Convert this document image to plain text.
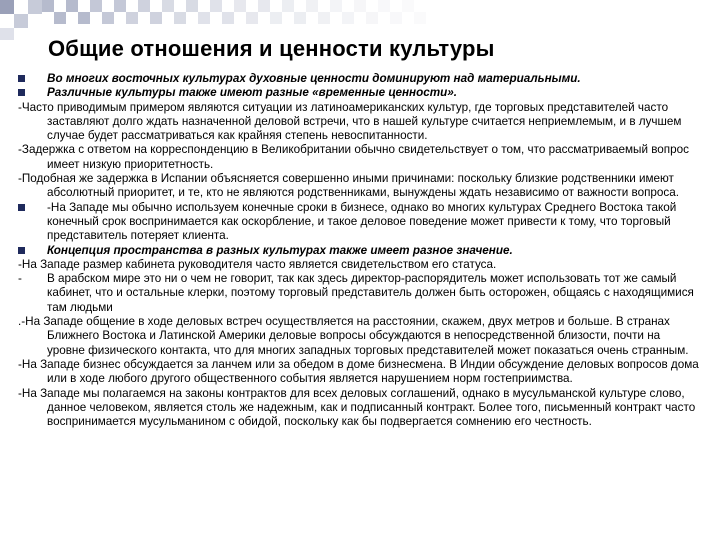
Общие отношения и ценности культуры
Во многих восточных культурах духовные ценности доминируют над материальными.
Различные культуры также имеют разные «временные ценности».
-Часто приводимым примером являются ситуации из латиноамериканских культур, где торговых представителей часто заставляют долго ждать назначенной деловой встречи, что в нашей культуре считается неприемлемым, и в лучшем случае будет рассматриваться как крайняя степень невоспитанности.
-Задержка с ответом на корреспонденцию в Великобритании обычно свидетельствует о том, что рассматриваемый вопрос имеет низкую приоритетность.
-Подобная же задержка в Испании объясняется совершенно иными причинами: поскольку близкие родственники имеют абсолютный приоритет, и те, кто не являются родственниками, вынуждены ждать независимо от важности вопроса.
-На Западе мы обычно используем конечные сроки в бизнесе, однако во многих культурах Среднего Востока такой конечный срок воспринимается как оскорбление, и такое деловое поведение может привести к тому, что торговый представитель потеряет клиента.
Концепция пространства в разных культурах также имеет разное значение.
-На Западе размер кабинета руководителя часто является свидетельством его статуса.
- В арабском мире это ни о чем не говорит, так как здесь директор-распорядитель может использовать тот же самый кабинет, что и остальные клерки, поэтому торговый представитель должен быть осторожен, общаясь с находящимися там людьми
.-На Западе общение в ходе деловых встреч осуществляется на расстоянии, скажем, двух метров и больше. В странах Ближнего Востока и Латинской Америки деловые вопросы обсуждаются в непосредственной близости, почти на уровне физического контакта, что для многих западных торговых представителей может показаться очень странным.
-На Западе бизнес обсуждается за ланчем или за обедом в доме бизнесмена. В Индии обсуждение деловых вопросов дома или в ходе любого другого общественного события является нарушением норм гостеприимства.
-На Западе мы полагаемся на законы контрактов для всех деловых соглашений, однако в мусульманской культуре слово, данное человеком, является столь же надежным, как и подписанный контракт. Более того, письменный контракт часто воспринимается мусульманином с обидой, поскольку как бы подвергается сомнению его честность.
